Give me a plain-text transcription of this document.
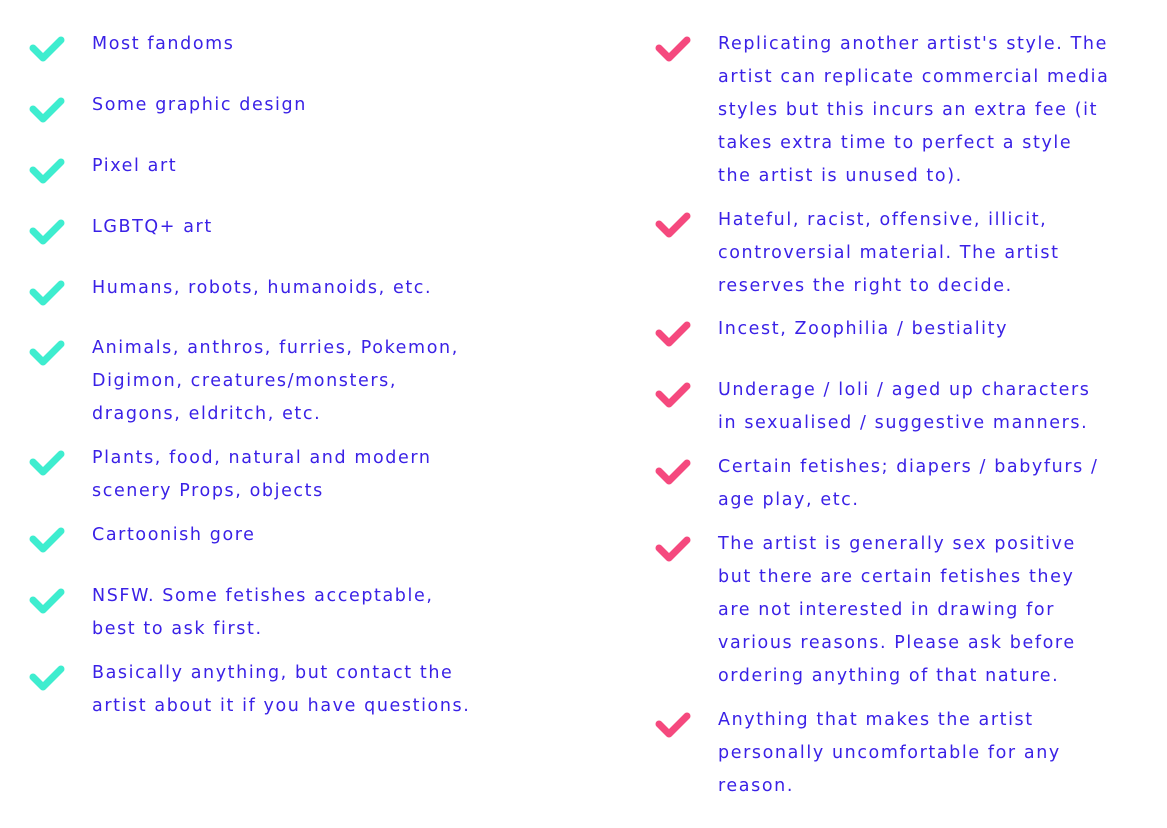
Most fandoms
Some graphic design
Pixel art
LGBTQ+ art
Humans, robots, humanoids, etc.
Animals, anthros, furries, Pokemon,
Digimon, creatures/monsters,
dragons, eldritch, etc.
Plants, food, natural and modern
scenery Props, objects
Cartoonish gore
NSFW. Some fetishes acceptable,
best to ask first.
Basically anything, but contact the
artist about it if you have questions.
Replicating another artist's style. The
artist can replicate commercial media
styles but this incurs an extra fee (it
takes extra time to perfect a style
the artist is unused to).
Hateful, racist, offensive, illicit,
controversial material. The artist
reserves the right to decide.
Incest, Zoophilia / bestiality
Underage / loli / aged up characters
in sexualised / suggestive manners.
Certain fetishes; diapers / babyfurs /
age play, etc.
The artist is generally sex positive
but there are certain fetishes they
are not interested in drawing for
various reasons. Please ask before
ordering anything of that nature.
Anything that makes the artist
personally uncomfortable for any
reason.
